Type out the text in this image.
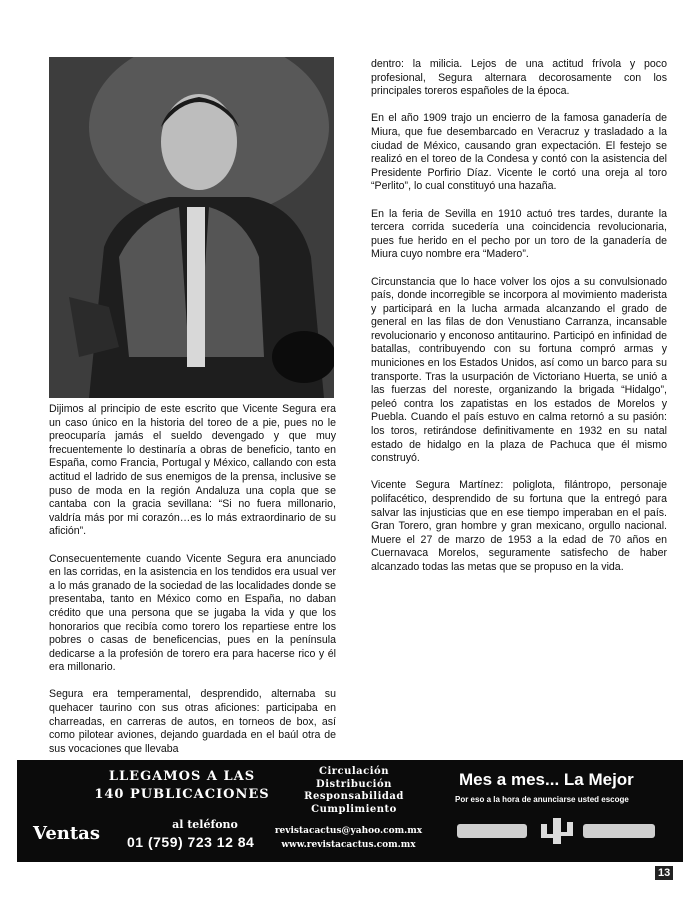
Dijimos al principio de este escrito que Vicente Segura era un caso único en la historia del toreo de a pie, pues no le preocuparía jamás el sueldo devengado y que muy frecuentemente lo destinaría a obras de beneficio, tanto en España, como Francia, Portugal y México, callando con esta actitud el ladrido de sus enemigos de la prensa, inclusive se puso de moda en la región Andaluza una copla que se cantaba con la gracia sevillana: “Si no fuera millonario, valdría más por mi corazón…es lo más extraordinario de su afición”.

Consecuentemente cuando Vicente Segura era anunciado en las corridas, en la asistencia en los tendidos era usual ver a lo más granado de la sociedad de las localidades donde se presentaba, tanto en México como en España, no daban crédito que una persona que se jugaba la vida y que los honorarios que recibía como torero los repartiese entre los pobres o casas de beneficencias, pues en la península dedicarse a la profesión de torero era para hacerse rico y él era millonario.

Segura era temperamental, desprendido, alternaba su quehacer taurino con sus otras aficiones: participaba en charreadas, en carreras de autos, en torneos de box, así como pilotear aviones, dejando guardada en el baúl otra de sus vocaciones que llevaba

dentro: la milicia. Lejos de una actitud frívola y poco profesional, Segura alternara decorosamente con los principales toreros españoles de la época.

En el año 1909 trajo un encierro de la famosa ganadería de Miura, que fue desembarcado en Veracruz y trasladado a la ciudad de México, causando gran expectación. El festejo se realizó en el toreo de la Condesa y contó con la asistencia del Presidente Porfirio Díaz. Vicente le cortó una oreja al toro “Perlito”, lo cual constituyó una hazaña.

En la feria de Sevilla en 1910 actuó tres tardes, durante la tercera corrida sucedería una coincidencia revolucionaria, pues fue herido en el pecho por un toro de la ganadería de Miura cuyo nombre era “Madero”.

Circunstancia que lo hace volver los ojos a su convulsionado país, donde incorregible se incorpora al movimiento maderista y participará en la lucha armada alcanzando el grado de general en las filas de don Venustiano Carranza, incansable revolucionario y enconoso antitaurino. Participó en infinidad de batallas, contribuyendo con su fortuna compró armas y municiones en los Estados Unidos, así como un barco para su transporte. Tras la usurpación de Victoriano Huerta, se unió a las fuerzas del noreste, organizando la brigada “Hidalgo”, peleó contra los zapatistas en los estados de Morelos y Puebla. Cuando el país estuvo en calma retornó a su pasión: los toros, retirándose definitivamente en 1932 en su natal estado de hidalgo en la plaza de Pachuca que él mismo construyó.

Vicente Segura Martínez: poliglota, filántropo, personaje polifacético, desprendido de su fortuna que la entregó para salvar las injusticias que en ese tiempo imperaban en el país. Gran Torero, gran hombre y gran mexicano, orgullo nacional. Muere el 27 de marzo de 1953 a la edad de 70 años en Cuernavaca Morelos, seguramente satisfecho de haber alcanzado todas las metas que se propuso en la vida.

LLEGAMOS A LAS
140 PUBLICACIONES
Ventas	al teléfono
01 (759) 723 12 84
Circulación
Distribución
Responsabilidad
Cumplimiento
revistacactus@yahoo.com.mx
www.revistacactus.com.mx
Mes a mes... La Mejor
Por eso a la hora de anunciarse usted escoge
13
